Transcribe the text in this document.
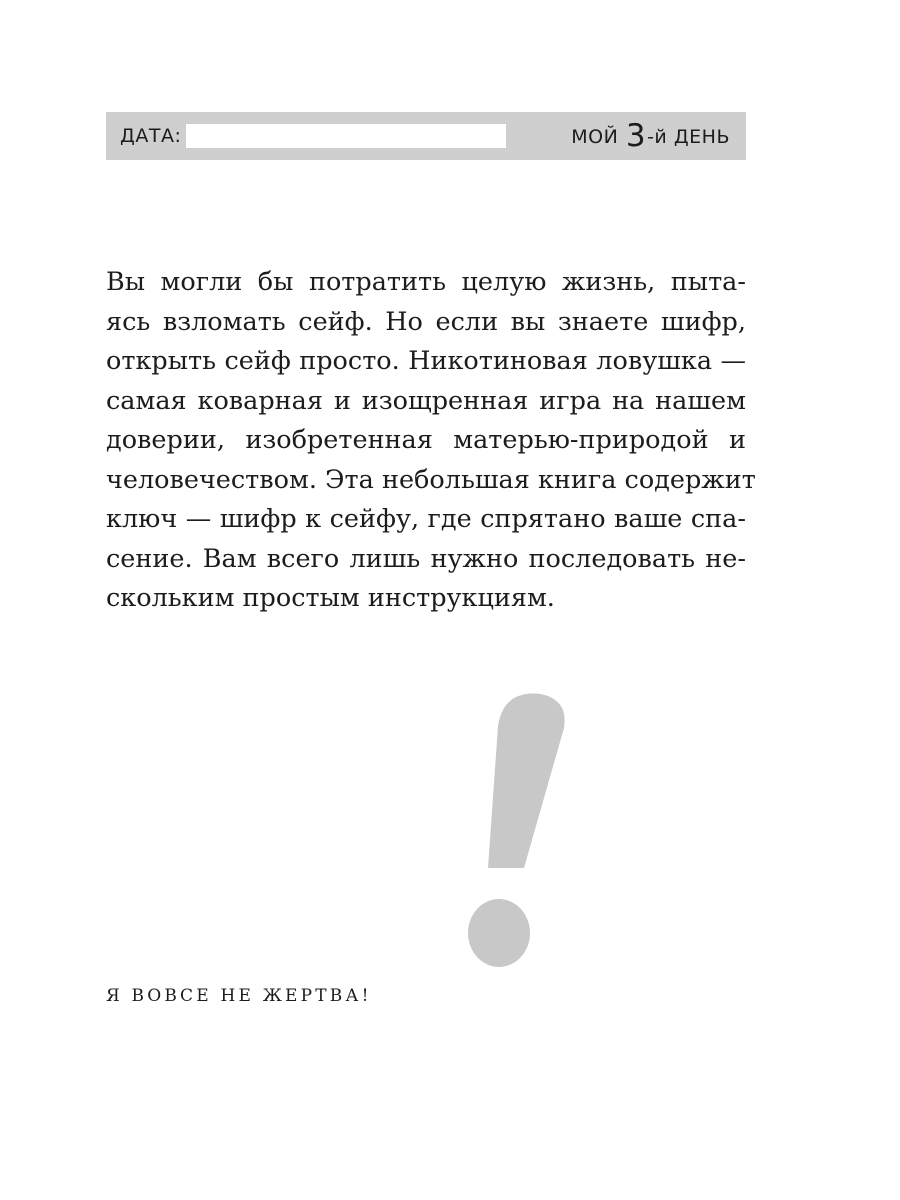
ДАТА:	МОЙ 3-й ДЕНЬ
Вы могли бы потратить целую жизнь, пыта-
ясь взломать сейф. Но если вы знаете шифр,
открыть сейф просто. Никотиновая ловушка —
самая коварная и изощренная игра на нашем
доверии, изобретенная матерью-природой и
человечеством. Эта небольшая книга содержит
ключ — шифр к сейфу, где спрятано ваше спа-
сение. Вам всего лишь нужно последовать не-
скольким простым инструкциям.
Я ВОВСЕ НЕ ЖЕРТВА!
